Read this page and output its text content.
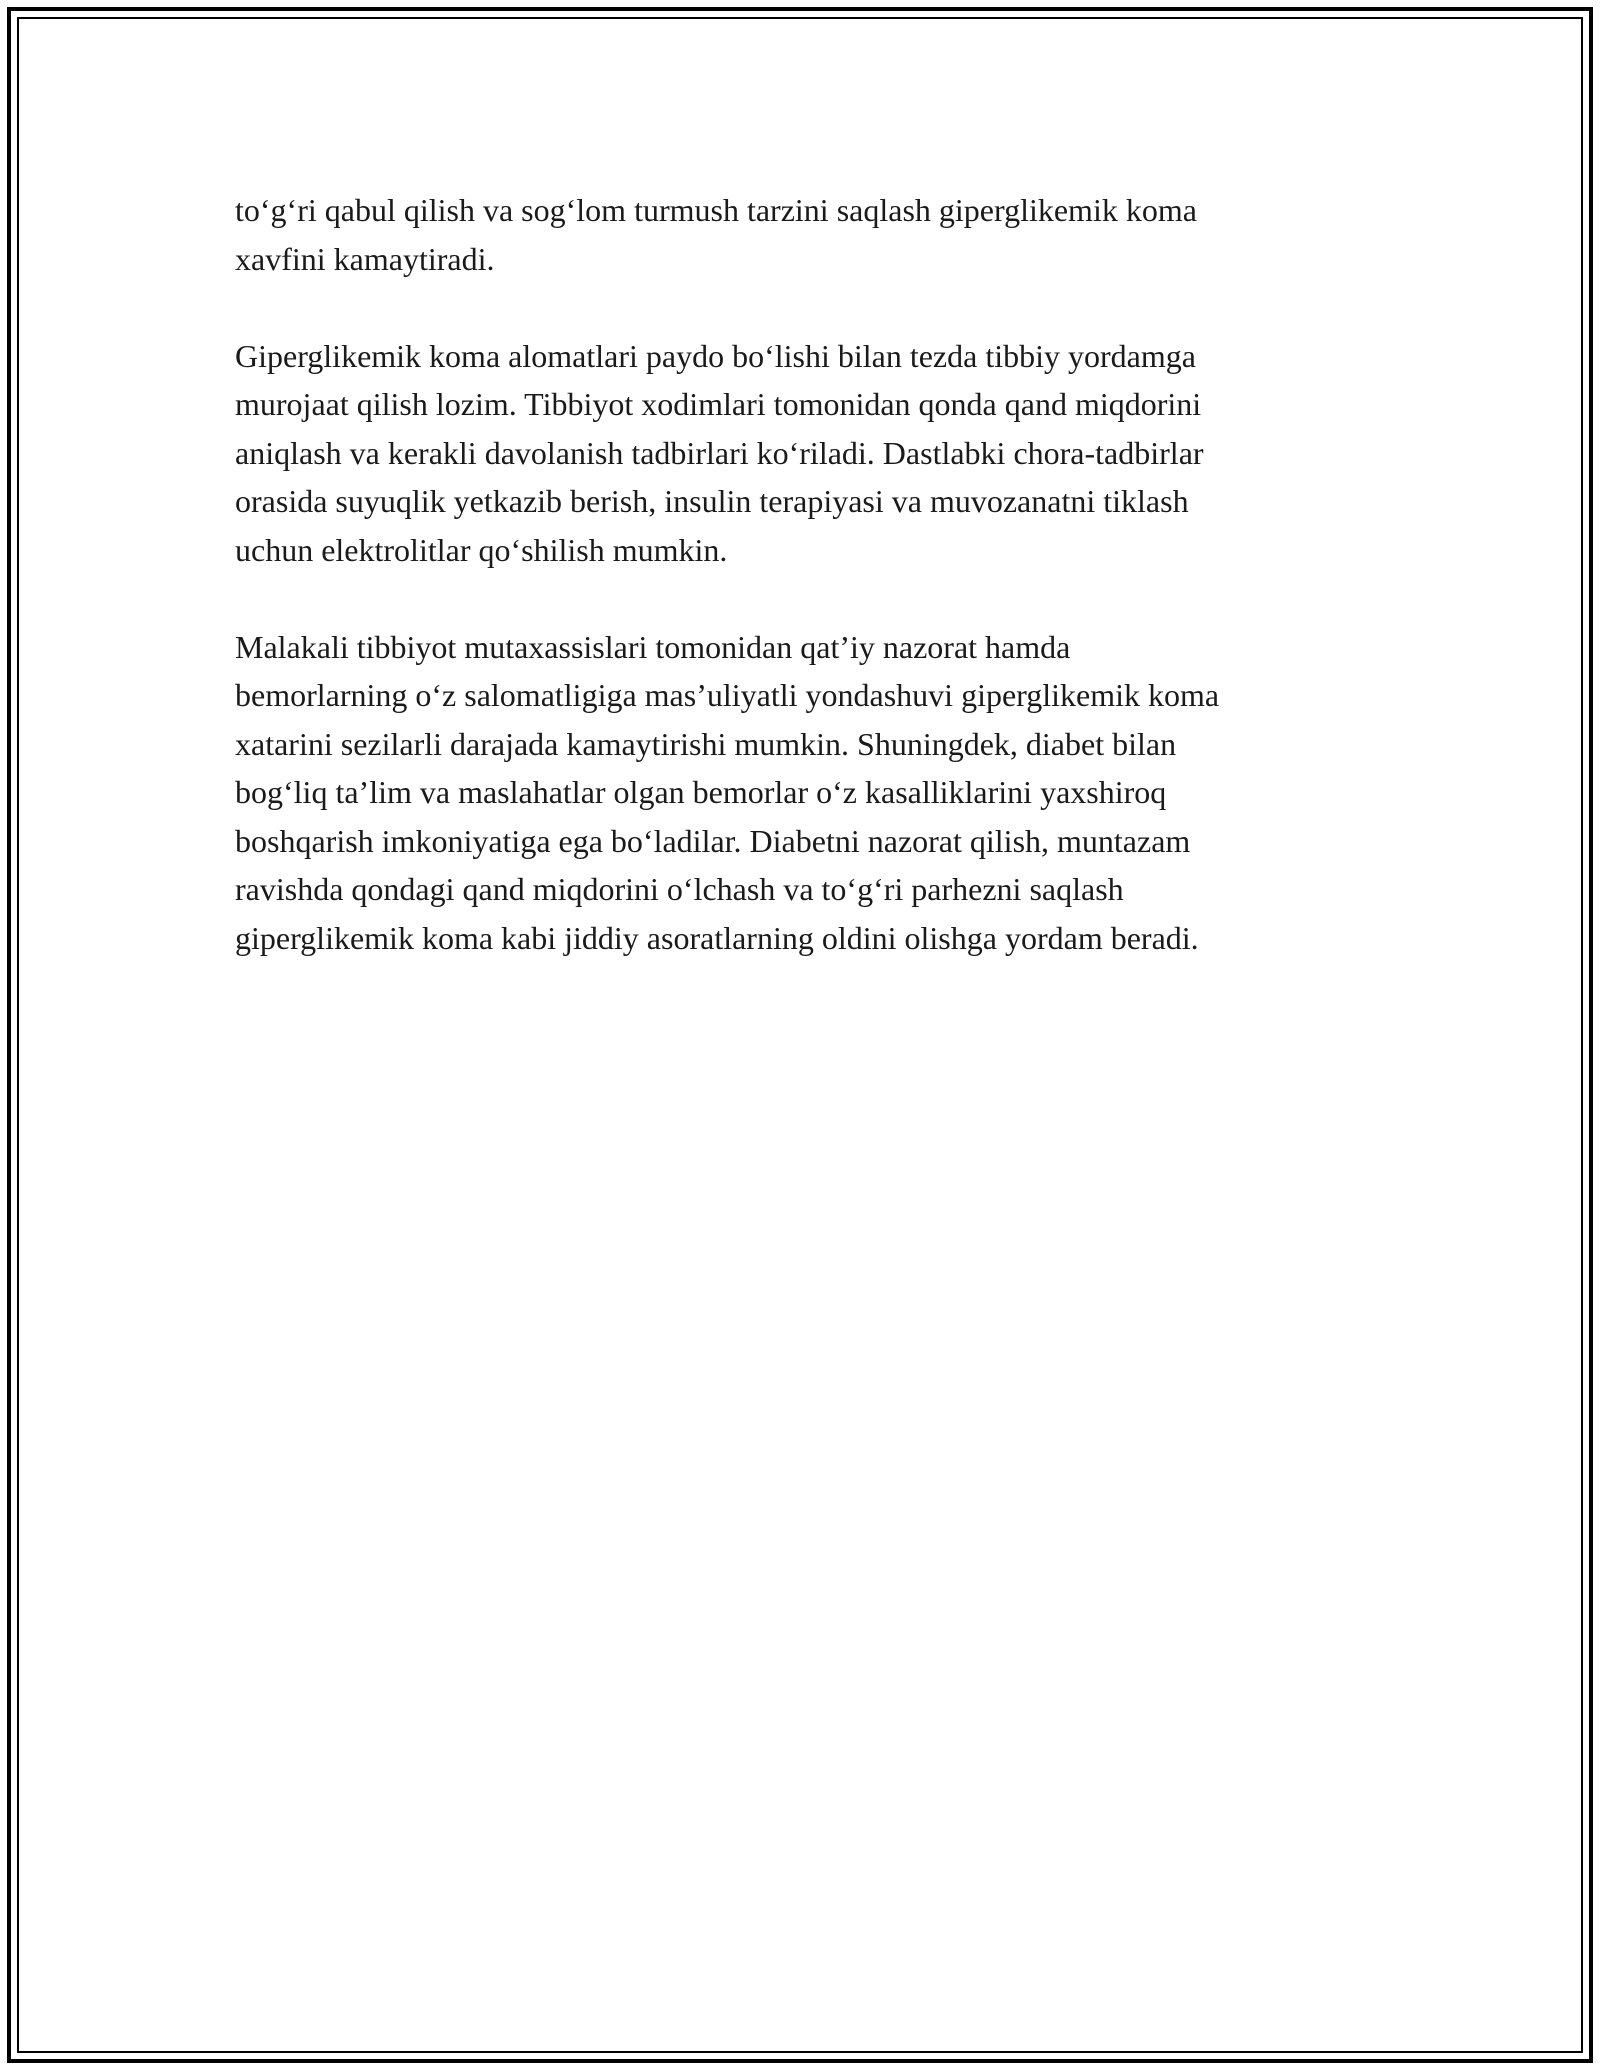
to‘g‘ri qabul qilish va sog‘lom turmush tarzini saqlash giperglikemik koma
xavfini kamaytiradi.

Giperglikemik koma alomatlari paydo bo‘lishi bilan tezda tibbiy yordamga
murojaat qilish lozim. Tibbiyot xodimlari tomonidan qonda qand miqdorini
aniqlash va kerakli davolanish tadbirlari ko‘riladi. Dastlabki chora-tadbirlar
orasida suyuqlik yetkazib berish, insulin terapiyasi va muvozanatni tiklash
uchun elektrolitlar qo‘shilish mumkin.

Malakali tibbiyot mutaxassislari tomonidan qat’iy nazorat hamda
bemorlarning o‘z salomatligiga mas’uliyatli yondashuvi giperglikemik koma
xatarini sezilarli darajada kamaytirishi mumkin. Shuningdek, diabet bilan
bog‘liq ta’lim va maslahatlar olgan bemorlar o‘z kasalliklarini yaxshiroq
boshqarish imkoniyatiga ega bo‘ladilar. Diabetni nazorat qilish, muntazam
ravishda qondagi qand miqdorini o‘lchash va to‘g‘ri parhezni saqlash
giperglikemik koma kabi jiddiy asoratlarning oldini olishga yordam beradi.
